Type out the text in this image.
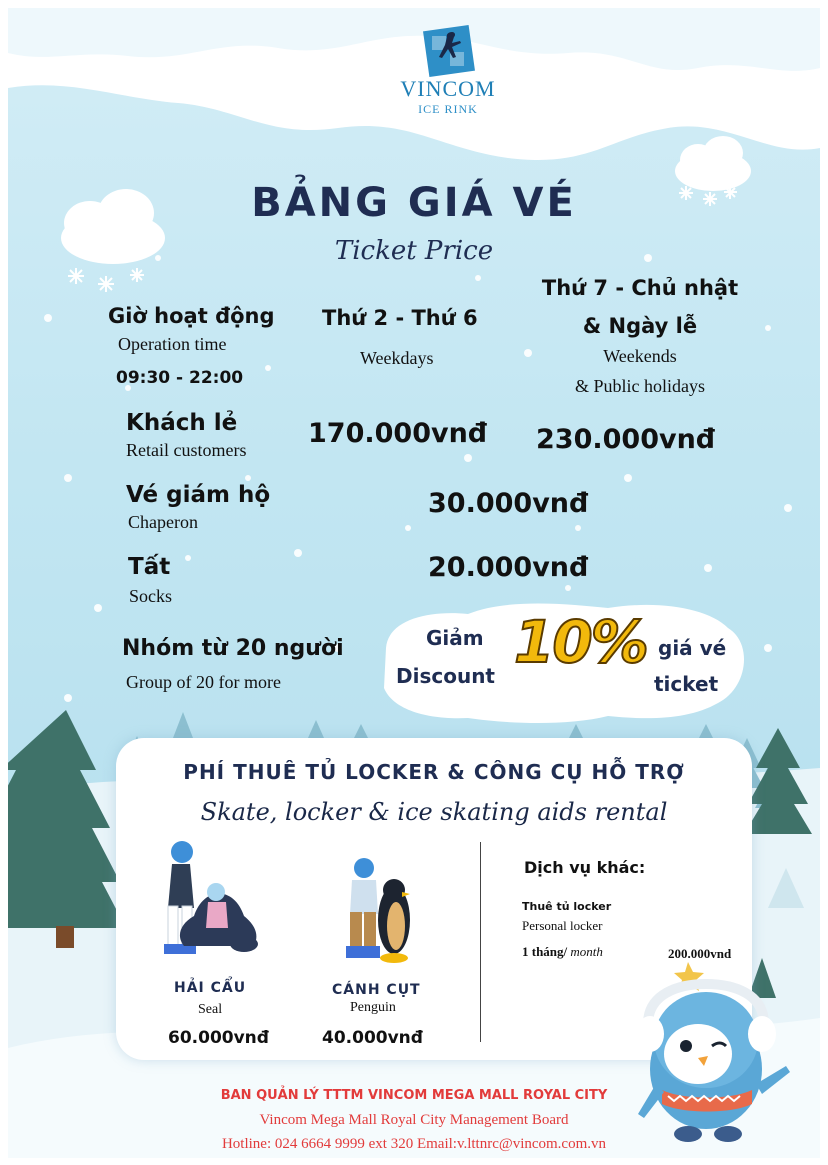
VINCOM
ICE RINK
BẢNG GIÁ VÉ
Ticket Price
Giờ hoạt động
Operation time
09:30 - 22:00
Thứ 2 - Thứ 6
Weekdays
Thứ 7 - Chủ nhật
& Ngày lễ
Weekends
& Public holidays
Khách lẻ
Retail customers
170.000vnđ 230.000vnđ
Vé giám hộ
Chaperon
30.000vnđ
Tất
Socks
20.000vnđ
Nhóm từ 20 người
Group of 20 for more
Giảm
Discount 10% giá vé
ticket
PHÍ THUÊ TỦ LOCKER & CÔNG CỤ HỖ TRỢ
Skate, locker & ice skating aids rental
HẢI CẨU
Seal
60.000vnđ
CÁNH CỤT
Penguin
40.000vnđ
Dịch vụ khác:
Thuê tủ locker
Personal locker
1 tháng/ month	200.000vnd
BAN QUẢN LÝ TTTM VINCOM MEGA MALL ROYAL CITY
Vincom Mega Mall Royal City Management Board
Hotline: 024 6664 9999 ext 320 Email:v.lttnrc@vincom.com.vn
